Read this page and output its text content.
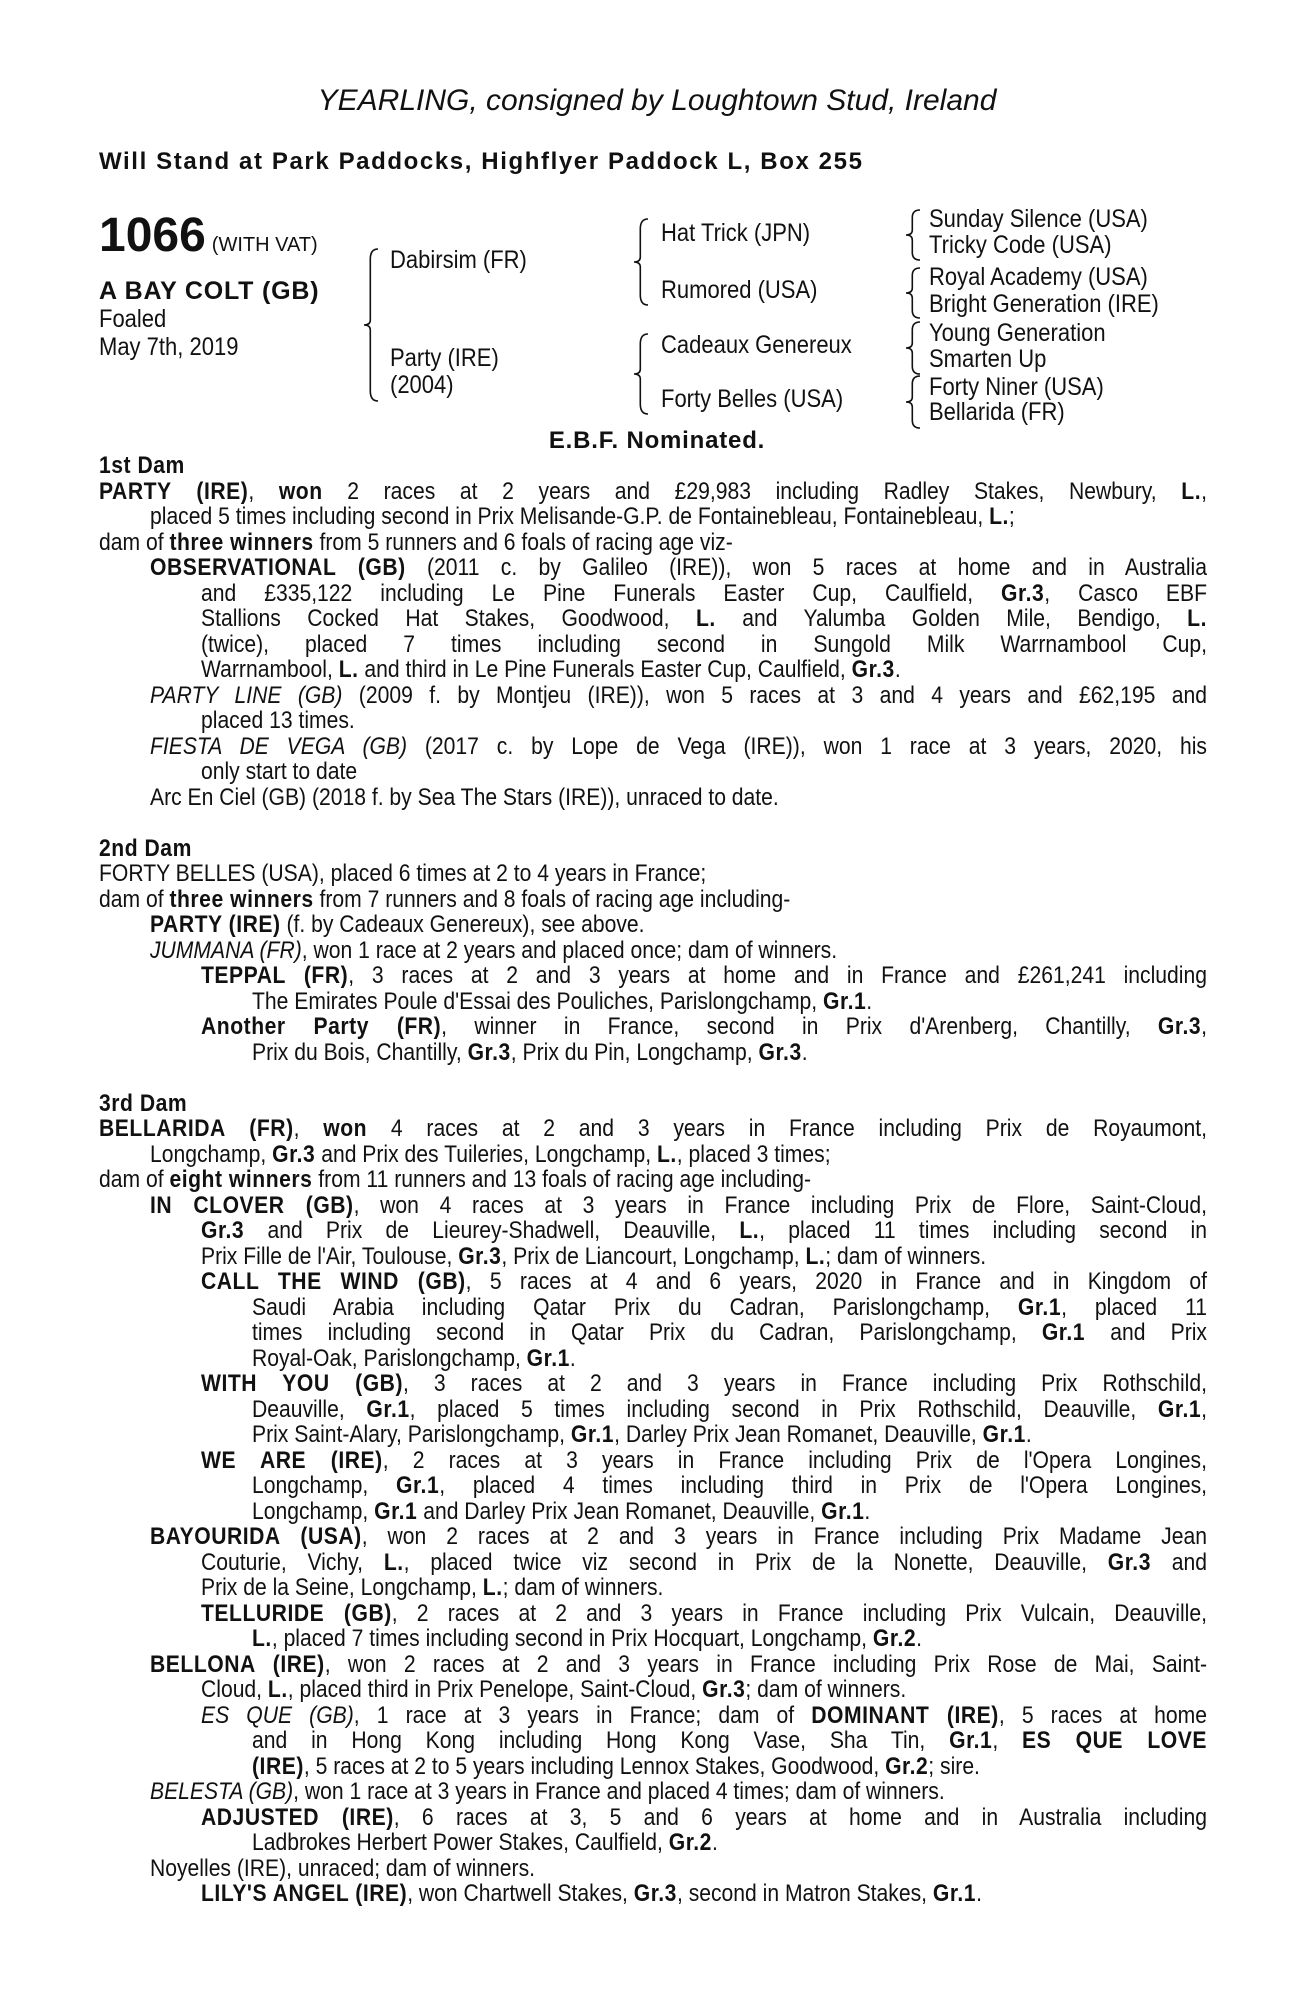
YEARLING, consigned by Loughtown Stud, Ireland
Will Stand at Park Paddocks, Highflyer Paddock L, Box 255
1066 (WITH VAT)
A BAY COLT (GB)
Foaled
May 7th, 2019
Dabirsim (FR)
Party (IRE)
(2004)
Hat Trick (JPN)
Rumored (USA)
Cadeaux Genereux
Forty Belles (USA)
Sunday Silence (USA)
Tricky Code (USA)
Royal Academy (USA)
Bright Generation (IRE)
Young Generation
Smarten Up
Forty Niner (USA)
Bellarida (FR)
E.B.F. Nominated.
1st Dam
PARTY (IRE), won 2 races at 2 years and £29,983 including Radley Stakes, Newbury, L.,
placed 5 times including second in Prix Melisande-G.P. de Fontainebleau, Fontainebleau, L.;
dam of three winners from 5 runners and 6 foals of racing age viz-
OBSERVATIONAL (GB) (2011 c. by Galileo (IRE)), won 5 races at home and in Australia
and £335,122 including Le Pine Funerals Easter Cup, Caulfield, Gr.3, Casco EBF
Stallions Cocked Hat Stakes, Goodwood, L. and Yalumba Golden Mile, Bendigo, L.
(twice), placed 7 times including second in Sungold Milk Warrnambool Cup,
Warrnambool, L. and third in Le Pine Funerals Easter Cup, Caulfield, Gr.3.
PARTY LINE (GB) (2009 f. by Montjeu (IRE)), won 5 races at 3 and 4 years and £62,195 and
placed 13 times.
FIESTA DE VEGA (GB) (2017 c. by Lope de Vega (IRE)), won 1 race at 3 years, 2020, his
only start to date
Arc En Ciel (GB) (2018 f. by Sea The Stars (IRE)), unraced to date.
2nd Dam
FORTY BELLES (USA), placed 6 times at 2 to 4 years in France;
dam of three winners from 7 runners and 8 foals of racing age including-
PARTY (IRE) (f. by Cadeaux Genereux), see above.
JUMMANA (FR), won 1 race at 2 years and placed once; dam of winners.
TEPPAL (FR), 3 races at 2 and 3 years at home and in France and £261,241 including
The Emirates Poule d'Essai des Pouliches, Parislongchamp, Gr.1.
Another Party (FR), winner in France, second in Prix d'Arenberg, Chantilly, Gr.3,
Prix du Bois, Chantilly, Gr.3, Prix du Pin, Longchamp, Gr.3.
3rd Dam
BELLARIDA (FR), won 4 races at 2 and 3 years in France including Prix de Royaumont,
Longchamp, Gr.3 and Prix des Tuileries, Longchamp, L., placed 3 times;
dam of eight winners from 11 runners and 13 foals of racing age including-
IN CLOVER (GB), won 4 races at 3 years in France including Prix de Flore, Saint-Cloud,
Gr.3 and Prix de Lieurey-Shadwell, Deauville, L., placed 11 times including second in
Prix Fille de l'Air, Toulouse, Gr.3, Prix de Liancourt, Longchamp, L.; dam of winners.
CALL THE WIND (GB), 5 races at 4 and 6 years, 2020 in France and in Kingdom of
Saudi Arabia including Qatar Prix du Cadran, Parislongchamp, Gr.1, placed 11
times including second in Qatar Prix du Cadran, Parislongchamp, Gr.1 and Prix
Royal-Oak, Parislongchamp, Gr.1.
WITH YOU (GB), 3 races at 2 and 3 years in France including Prix Rothschild,
Deauville, Gr.1, placed 5 times including second in Prix Rothschild, Deauville, Gr.1,
Prix Saint-Alary, Parislongchamp, Gr.1, Darley Prix Jean Romanet, Deauville, Gr.1.
WE ARE (IRE), 2 races at 3 years in France including Prix de l'Opera Longines,
Longchamp, Gr.1, placed 4 times including third in Prix de l'Opera Longines,
Longchamp, Gr.1 and Darley Prix Jean Romanet, Deauville, Gr.1.
BAYOURIDA (USA), won 2 races at 2 and 3 years in France including Prix Madame Jean
Couturie, Vichy, L., placed twice viz second in Prix de la Nonette, Deauville, Gr.3 and
Prix de la Seine, Longchamp, L.; dam of winners.
TELLURIDE (GB), 2 races at 2 and 3 years in France including Prix Vulcain, Deauville,
L., placed 7 times including second in Prix Hocquart, Longchamp, Gr.2.
BELLONA (IRE), won 2 races at 2 and 3 years in France including Prix Rose de Mai, Saint-
Cloud, L., placed third in Prix Penelope, Saint-Cloud, Gr.3; dam of winners.
ES QUE (GB), 1 race at 3 years in France; dam of DOMINANT (IRE), 5 races at home
and in Hong Kong including Hong Kong Vase, Sha Tin, Gr.1, ES QUE LOVE
(IRE), 5 races at 2 to 5 years including Lennox Stakes, Goodwood, Gr.2; sire.
BELESTA (GB), won 1 race at 3 years in France and placed 4 times; dam of winners.
ADJUSTED (IRE), 6 races at 3, 5 and 6 years at home and in Australia including
Ladbrokes Herbert Power Stakes, Caulfield, Gr.2.
Noyelles (IRE), unraced; dam of winners.
LILY'S ANGEL (IRE), won Chartwell Stakes, Gr.3, second in Matron Stakes, Gr.1.
